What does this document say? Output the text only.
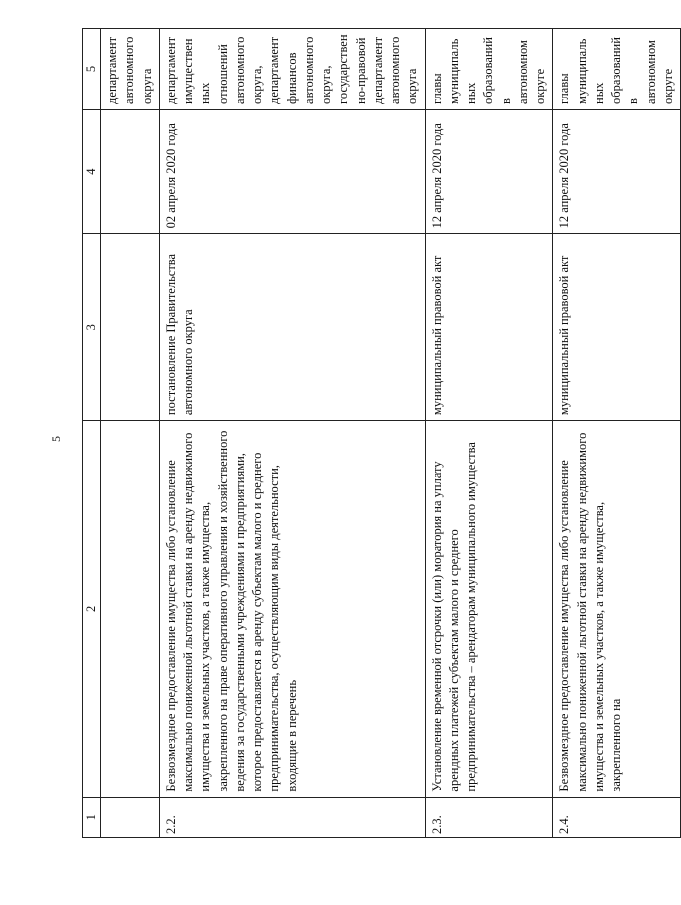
5
1	2	3	4	5
				департамент автономного округа
2.2.	Безвозмездное предоставление имущества либо установление максимально пониженной льготной ставки на аренду недвижимого имущества и земельных участков, а также имущества, закрепленного на праве оперативного управления и хозяйственного ведения за государственными учреждениями и предприятиями, которое предоставляется в аренду субъектам малого и среднего предпринимательства, осуществляющим виды деятельности, входящие в перечень	постановление Правительства автономного округа	02 апреля 2020 года	департамент имущественных отношений автономного округа, департамент финансов автономного округа, государственно-правовой департамент автономного округа
2.3.	Установление временной отсрочки (или) моратория на уплату арендных платежей субъектам малого и среднего предпринимательства – арендаторам муниципального имущества	муниципальный правовой акт	12 апреля 2020 года	главы муниципальных образований в автономном округе
2.4.	Безвозмездное предоставление имущества либо установление максимально пониженной льготной ставки на аренду недвижимого имущества и земельных участков, а также имущества, закрепленного на	муниципальный правовой акт	12 апреля 2020 года	главы муниципальных образований в автономном округе
